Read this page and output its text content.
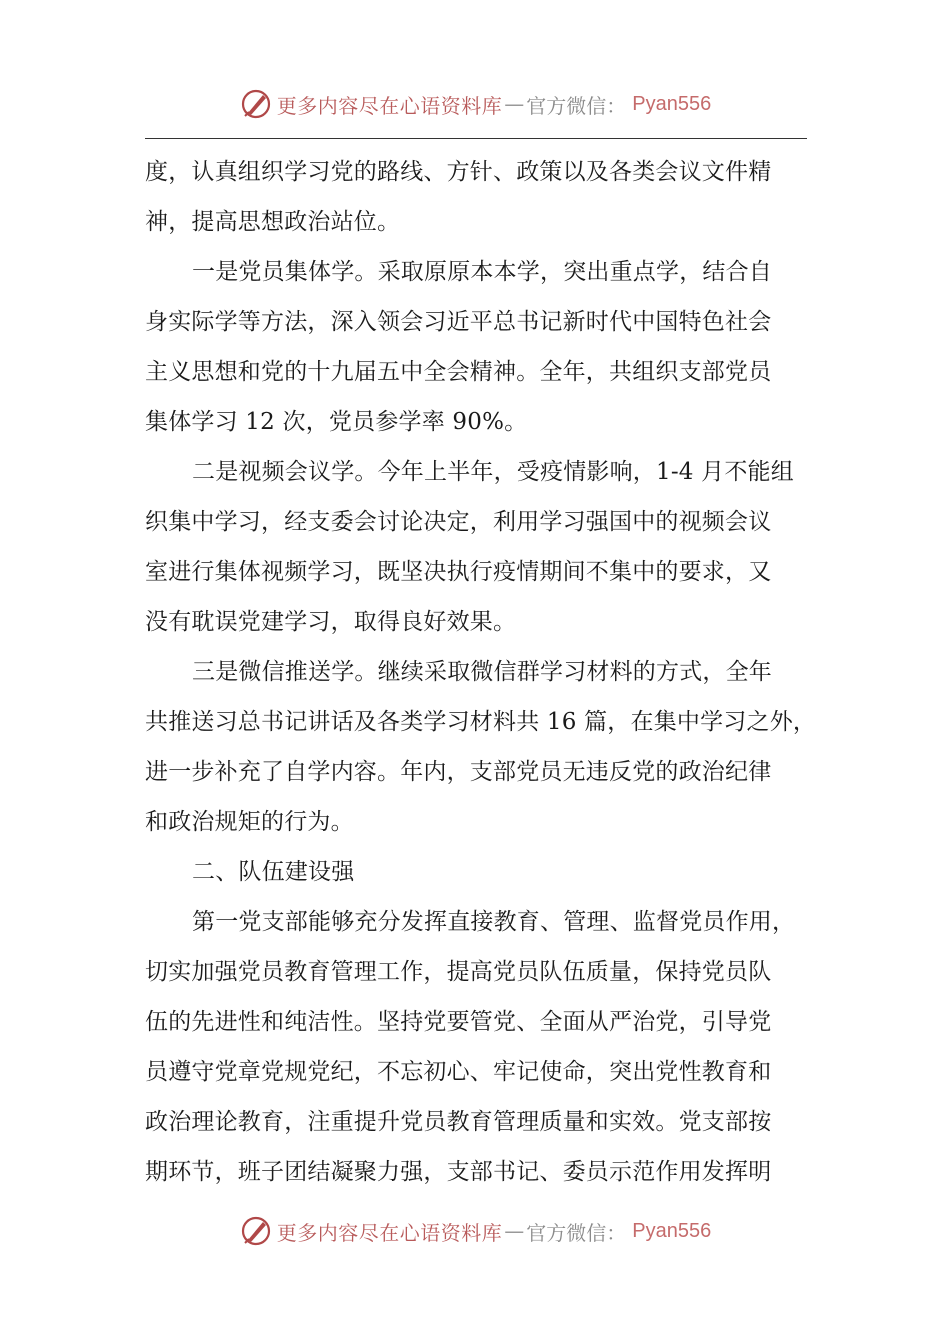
更多内容尽在心语资料库 — 官方微信： Pyan556
度，认真组织学习党的路线、方针、政策以及各类会议文件精
神，提高思想政治站位。
一是党员集体学。采取原原本本学，突出重点学，结合自
身实际学等方法，深入领会习近平总书记新时代中国特色社会
主义思想和党的十九届五中全会精神。全年，共组织支部党员
集体学习 12 次，党员参学率 90%。
二是视频会议学。今年上半年，受疫情影响，1-4 月不能组
织集中学习，经支委会讨论决定，利用学习强国中的视频会议
室进行集体视频学习，既坚决执行疫情期间不集中的要求，又
没有耽误党建学习，取得良好效果。
三是微信推送学。继续采取微信群学习材料的方式，全年
共推送习总书记讲话及各类学习材料共 16 篇，在集中学习之外，
进一步补充了自学内容。年内，支部党员无违反党的政治纪律
和政治规矩的行为。
二、队伍建设强
第一党支部能够充分发挥直接教育、管理、监督党员作用，
切实加强党员教育管理工作，提高党员队伍质量，保持党员队
伍的先进性和纯洁性。坚持党要管党、全面从严治党，引导党
员遵守党章党规党纪，不忘初心、牢记使命，突出党性教育和
政治理论教育，注重提升党员教育管理质量和实效。党支部按
期环节，班子团结凝聚力强，支部书记、委员示范作用发挥明
更多内容尽在心语资料库 — 官方微信： Pyan556
